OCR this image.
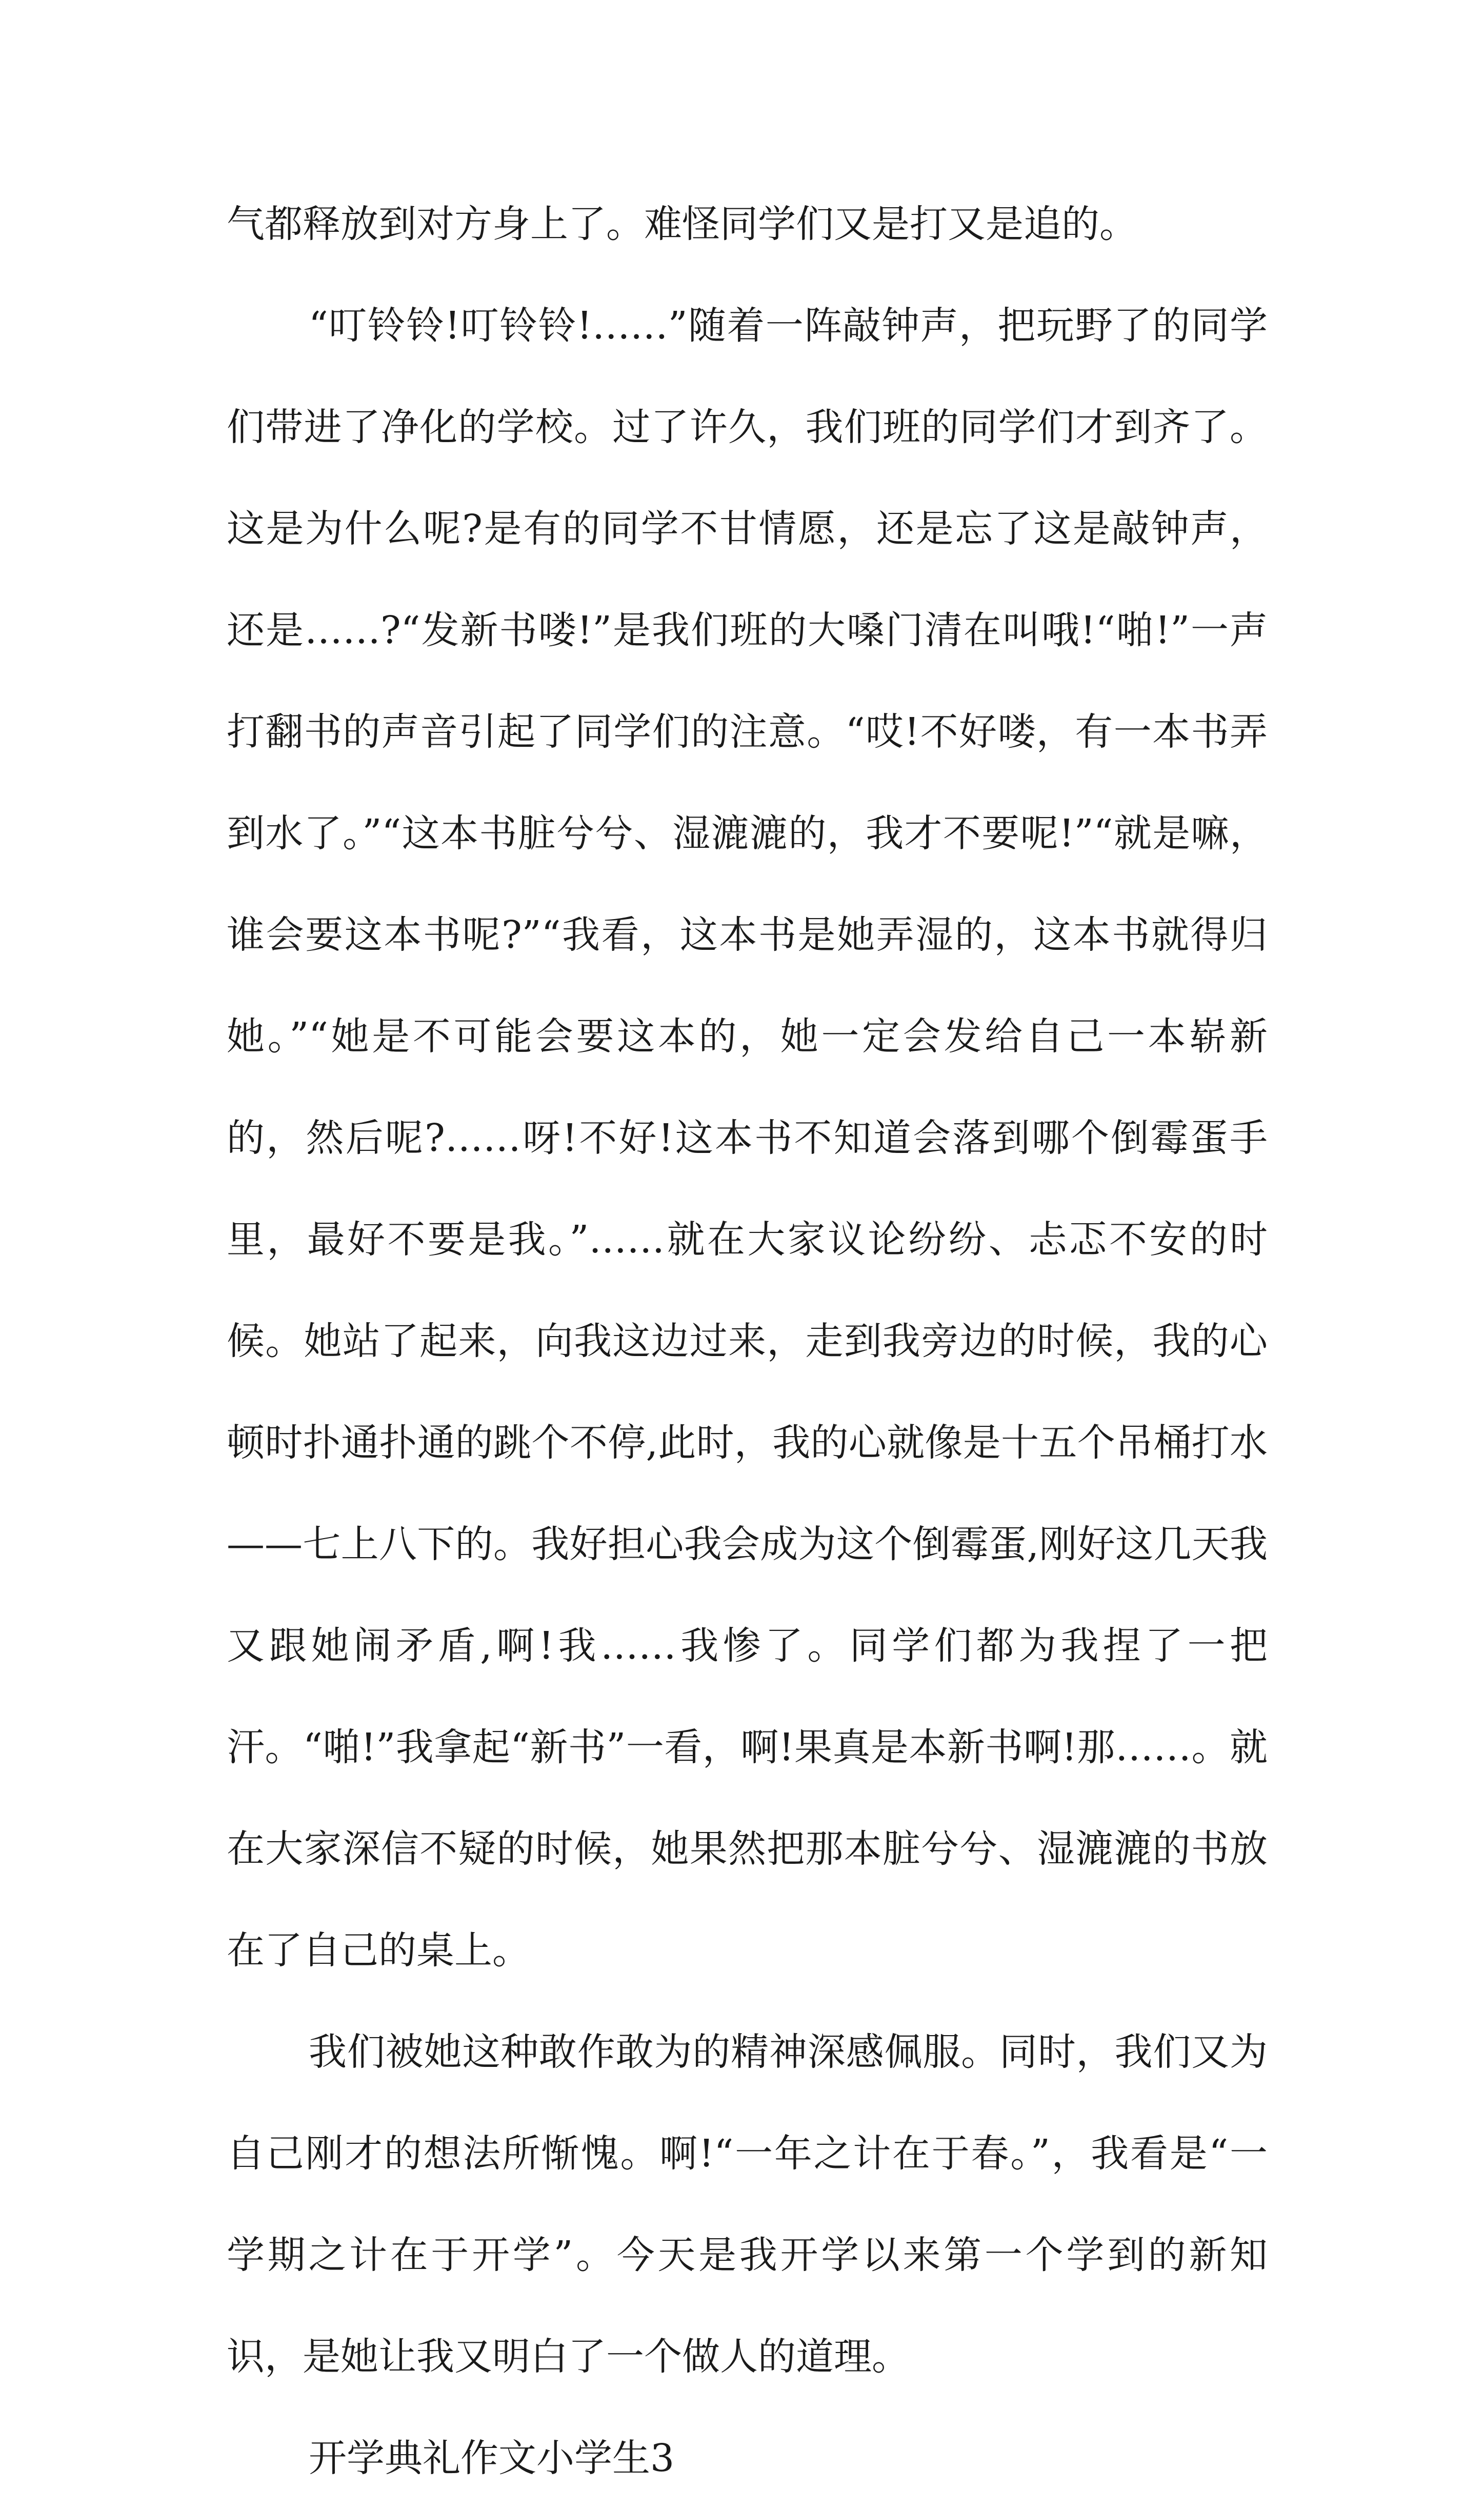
气都释放到对方身上了。难怪同学们又是打又是追的。

“叮铃铃!叮铃铃!……”随着一阵敲钟声，把玩野了的同学们带进了净化的学校。过了许久，我们班的同学们才到齐了。这是为什么呢?是有的同学不甘情愿，还是忘了这是敲钟声，还是……?“发新书喽!”是我们班的大嗓门清在叫哦!“啪!”一声打翻书的声音引起了同学们的注意。“哎!不好喽，有一本书弄到水了。”“这本书脏兮兮、湿漉漉的，我才不要呢!”“就是嘛，谁会要这本书呢?”“我看，这本书是她弄湿的，这本书就得归她。”“她是不可能会要这本的，她一定会发给自己一本崭新的，然后呢?……呀!不好!这本书不知道会落到哪个倒霉蛋手里，最好不要是我。”……就在大家议论纷纷、忐忑不安的时候。她站了起来，向我这边过来，走到我旁边的时候，我的心顿时扑通扑通的跳个不停,此时，我的心就像是十五个吊桶打水——七上八下的。我好担心我会成为这个倒霉蛋,刚好这几天我又跟她闹矛盾,啊!我……我惨了。同学们都为我捏了一把汗。“啪!”我拿起“新书”一看，啊!果真是本新书啊!那……。就在大家深信不疑的时候，她果然把那本脏兮兮、湿漉漉的书放在了自己的桌上。

我们被她这种敢作敢为的精神深感佩服。同时，我们又为自己刚才的想法所惭愧。啊!“一年之计在于春。”，我看是“一学期之计在于开学”。今天是我开学以来第一个学到的新知识，是她让我又明白了一个做人的道理。

开学典礼作文小学生3
